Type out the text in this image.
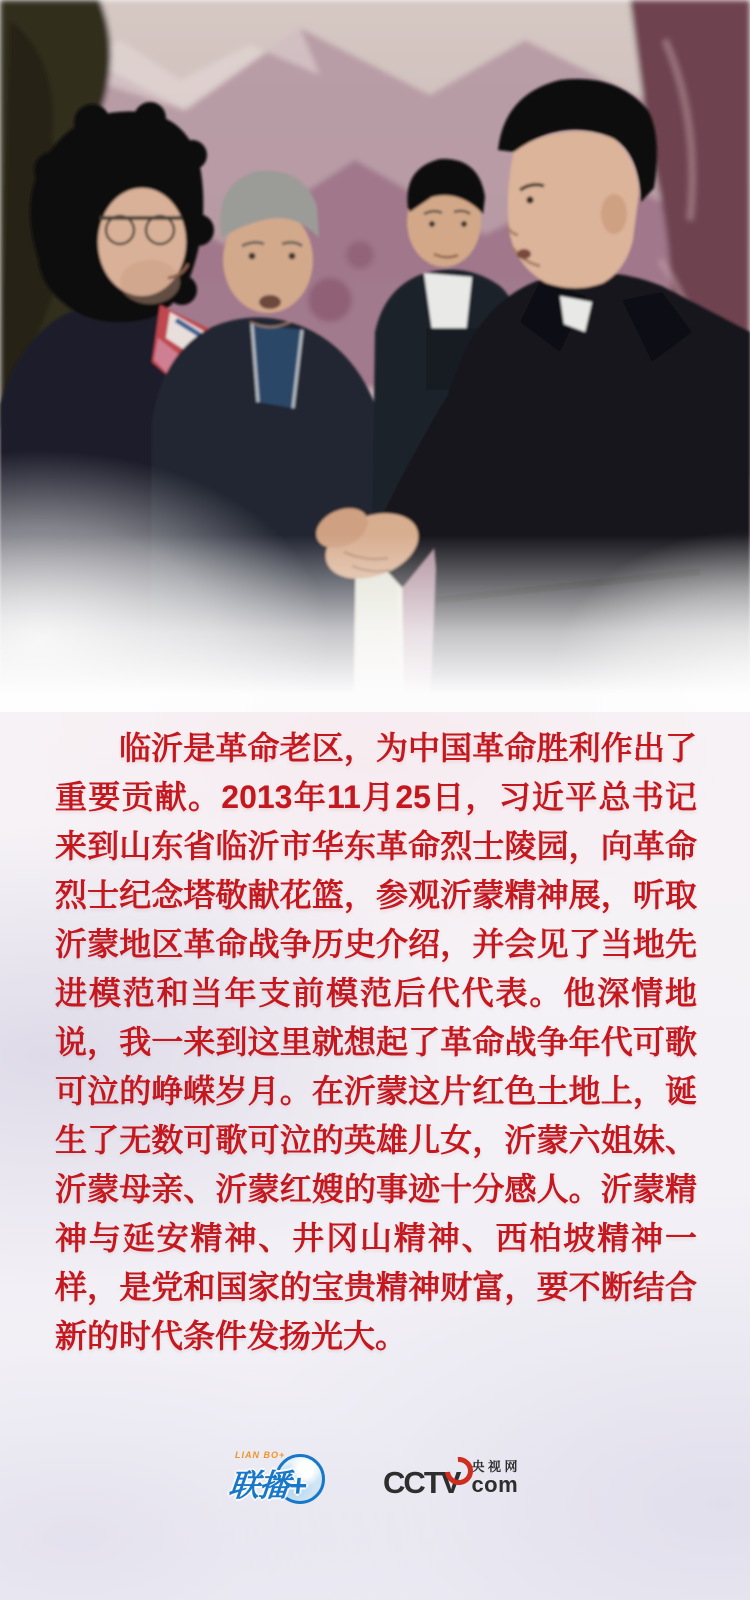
临沂是革命老区，为中国革命胜利作出了重要贡献。2013年11月25日，习近平总书记来到山东省临沂市华东革命烈士陵园，向革命烈士纪念塔敬献花篮，参观沂蒙精神展，听取沂蒙地区革命战争历史介绍，并会见了当地先进模范和当年支前模范后代代表。他深情地说，我一来到这里就想起了革命战争年代可歌可泣的峥嵘岁月。在沂蒙这片红色土地上，诞生了无数可歌可泣的英雄儿女，沂蒙六姐妹、沂蒙母亲、沂蒙红嫂的事迹十分感人。沂蒙精神与延安精神、井冈山精神、西柏坡精神一样，是党和国家的宝贵精神财富，要不断结合新的时代条件发扬光大。

LIAN BO+
联播+ CCTV 央视网
com
